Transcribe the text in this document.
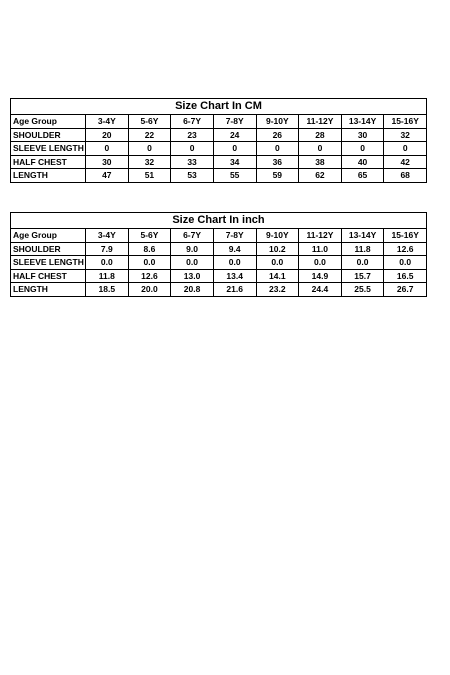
Size Chart In CM								
Age Group	3-4Y	5-6Y	6-7Y	7-8Y	9-10Y	11-12Y	13-14Y	15-16Y
SHOULDER	20	22	23	24	26	28	30	32
SLEEVE LENGTH	0	0	0	0	0	0	0	0
HALF CHEST	30	32	33	34	36	38	40	42
LENGTH	47	51	53	55	59	62	65	68
Size Chart In inch								
Age Group	3-4Y	5-6Y	6-7Y	7-8Y	9-10Y	11-12Y	13-14Y	15-16Y
SHOULDER	7.9	8.6	9.0	9.4	10.2	11.0	11.8	12.6
SLEEVE LENGTH	0.0	0.0	0.0	0.0	0.0	0.0	0.0	0.0
HALF CHEST	11.8	12.6	13.0	13.4	14.1	14.9	15.7	16.5
LENGTH	18.5	20.0	20.8	21.6	23.2	24.4	25.5	26.7
